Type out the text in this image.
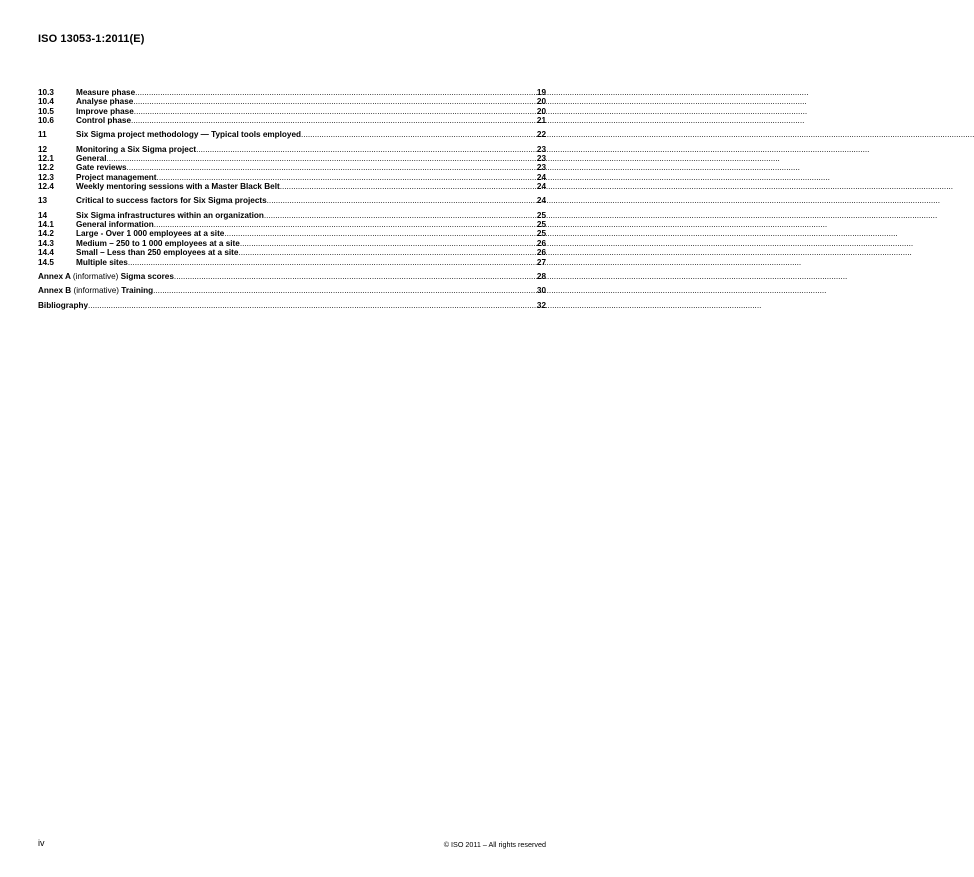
ISO 13053-1:2011(E)
10.3	Measure phase .....	19
10.4	Analyse phase .....	20
10.5	Improve phase .....	20
10.6	Control phase .....	21
11	Six Sigma project methodology — Typical tools employed .....	22
12	Monitoring a Six Sigma project .....	23
12.1	General .....	23
12.2	Gate reviews .....	23
12.3	Project management .....	24
12.4	Weekly mentoring sessions with a Master Black Belt .....	24
13	Critical to success factors for Six Sigma projects .....	24
14	Six Sigma infrastructures within an organization .....	25
14.1	General information .....	25
14.2	Large - Over 1 000 employees at a site .....	25
14.3	Medium – 250 to 1 000 employees at a site .....	26
14.4	Small – Less than 250 employees at a site .....	26
14.5	Multiple sites .....	27
Annex A (informative) Sigma scores .....	28
Annex B (informative) Training .....	30
Bibliography .....	32
iv	© ISO 2011 – All rights reserved
